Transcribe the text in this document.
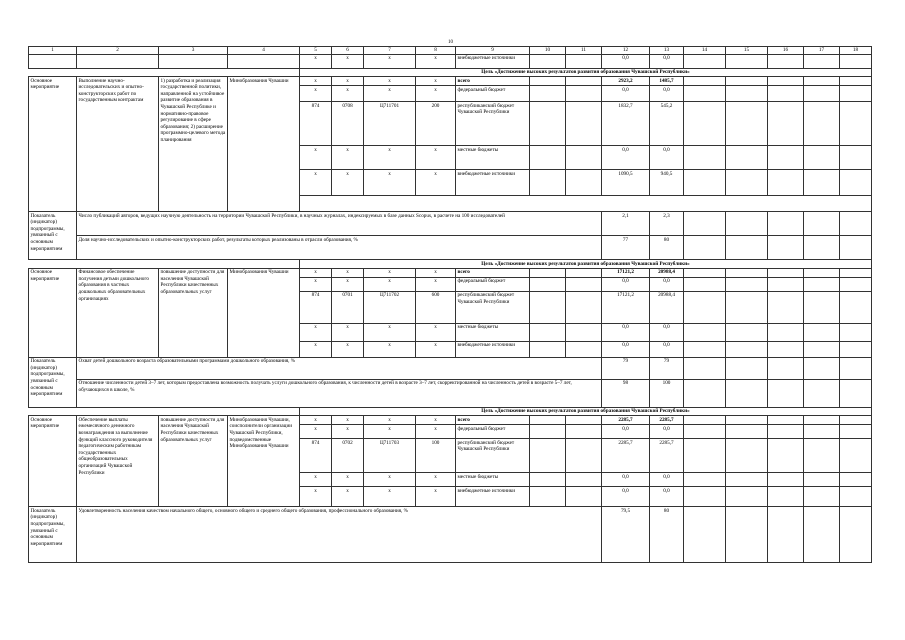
10
1	2	3	4	5	6	7	8	9	10	11	12	13	14	15	16	17	18
				x	x	x	x	внебюджетные источники			0,0	0,0					
				Цель «Достижение высоких результатов развития образования Чувашской Республики»													
Основное мероприятие	Выполнение научно-исследовательских и опытно-конструкторских работ по государственным контрактам	1) разработка и реализация государственной политики, направленной на устойчивое развитие образования в Чувашской Республике и нормативно-правовое регулирование в сфере образования; 2) расширение программно-целевого метода планирования	Минобразования Чувашии	x	x	x	x	всего			2923,2	1485,7					
				x	x	x	x	федеральный бюджет			0,0	0,0					
				874	0708	Ц711701	200	республиканский бюджет Чувашской Республики			1832,7	545,2					
				x	x	x	x	местные бюджеты			0,0	0,0					
				x	x	x	x	внебюджетные источники			1090,5	940,5					

Показатель (индикатор) подпрограммы, увязанный с основным мероприятием	Число публикаций авторов, ведущих научную деятельность на территории Чувашской Республики, в научных журналах, индексируемых в базе данных Scopus, в расчете на 100 исследователей										2,1	2,3					
	Доля научно-исследовательских и опытно-конструкторских работ, результаты которых реализованы в отрасли образования, %										77	80					
				Цель «Достижение высоких результатов развития образования Чувашской Республики»													
Основное мероприятие	Финансовое обеспечение получения детьми дошкольного образования в частных дошкольных образовательных организациях	повышение доступности для населения Чувашской Республики качественных образовательных услуг	Минобразования Чувашии	x	x	x	x	всего			17121,2	20988,4					
				x	x	x	x	федеральный бюджет			0,0	0,0					
				874	0701	Ц711702	600	республиканский бюджет Чувашской Республики			17121,2	20988,4					
				x	x	x	x	местные бюджеты			0,0	0,0					
				x	x	x	x	внебюджетные источники			0,0	0,0					
Показатель (индикатор) подпрограммы, увязанный с основным мероприятием	Охват детей дошкольного возраста образовательными программами дошкольного образования, %										79	79					
	Отношение численности детей 3–7 лет, которым предоставлена возможность получать услуги дошкольного образования, к численности детей в возрасте 3–7 лет, скорректированной на численность детей в возрасте 5–7 лет, обучающихся в школе, %										98	100					
				Цель «Достижение высоких результатов развития образования Чувашской Республики»													
Основное мероприятие	Обеспечение выплаты ежемесячного денежного вознаграждения за выполнение функций классного руководителя педагогическим работникам государственных общеобразовательных организаций Чувашской Республики	повышение доступности для населения Чувашской Республики качественных образовательных услуг	Минобразования Чувашии, соисполнители организации Чувашской Республики, подведомственные Минобразования Чувашии	x	x	x	x	всего			2285,7	2285,7					
				x	x	x	x	федеральный бюджет			0,0	0,0					
				874	0702	Ц711703	100	республиканский бюджет Чувашской Республики			2285,7	2285,7					
				x	x	x	x	местные бюджеты			0,0	0,0					
				x	x	x	x	внебюджетные источники			0,0	0,0					
Показатель (индикатор) подпрограммы, увязанный с основным мероприятием	Удовлетворенность населения качеством начального общего, основного общего и среднего общего образования, профессионального образования, %										79,5	80					
